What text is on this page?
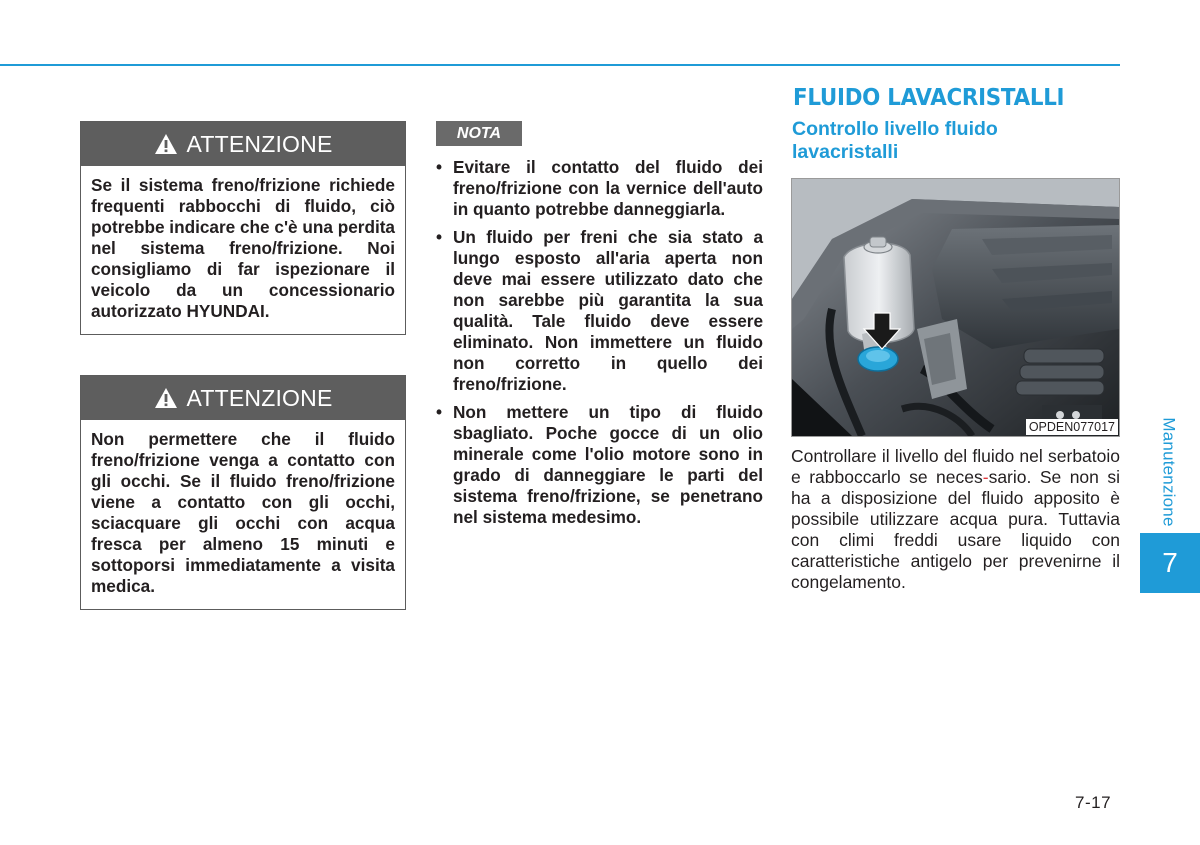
ATTENZIONE
Se il sistema freno/frizione richiede frequenti rabbocchi di fluido, ciò potrebbe indicare che c'è una perdita nel sistema freno/frizione. Noi consigliamo di far ispezionare il veicolo da un concessionario autorizzato HYUNDAI.
ATTENZIONE
Non permettere che il fluido freno/frizione venga a contatto con gli occhi. Se il fluido freno/frizione viene a contatto con gli occhi, sciacquare gli occhi con acqua fresca per almeno 15 minuti e sottoporsi immediatamente a visita medica.
NOTA
• Evitare il contatto del fluido dei freno/frizione con la vernice dell'auto in quanto potrebbe danneggiarla.
• Un fluido per freni che sia stato a lungo esposto all'aria aperta non deve mai essere utilizzato dato che non sarebbe più garantita la sua qualità. Tale fluido deve essere eliminato. Non immettere un fluido non corretto in quello dei freno/frizione.
• Non mettere un tipo di fluido sbagliato. Poche gocce di un olio minerale come l'olio motore sono in grado di danneggiare le parti del sistema freno/frizione, se penetrano nel sistema medesimo.
FLUIDO LAVACRISTALLI
Controllo livello fluido lavacristalli
OPDEN077017

Controllare il livello del fluido nel serbatoio e rabboccarlo se neces-sario. Se non si ha a disposizione del fluido apposito è possibile utilizzare acqua pura. Tuttavia con climi freddi usare liquido con caratteristiche antigelo per prevenirne il congelamento.

Manutenzione
7
7-17
